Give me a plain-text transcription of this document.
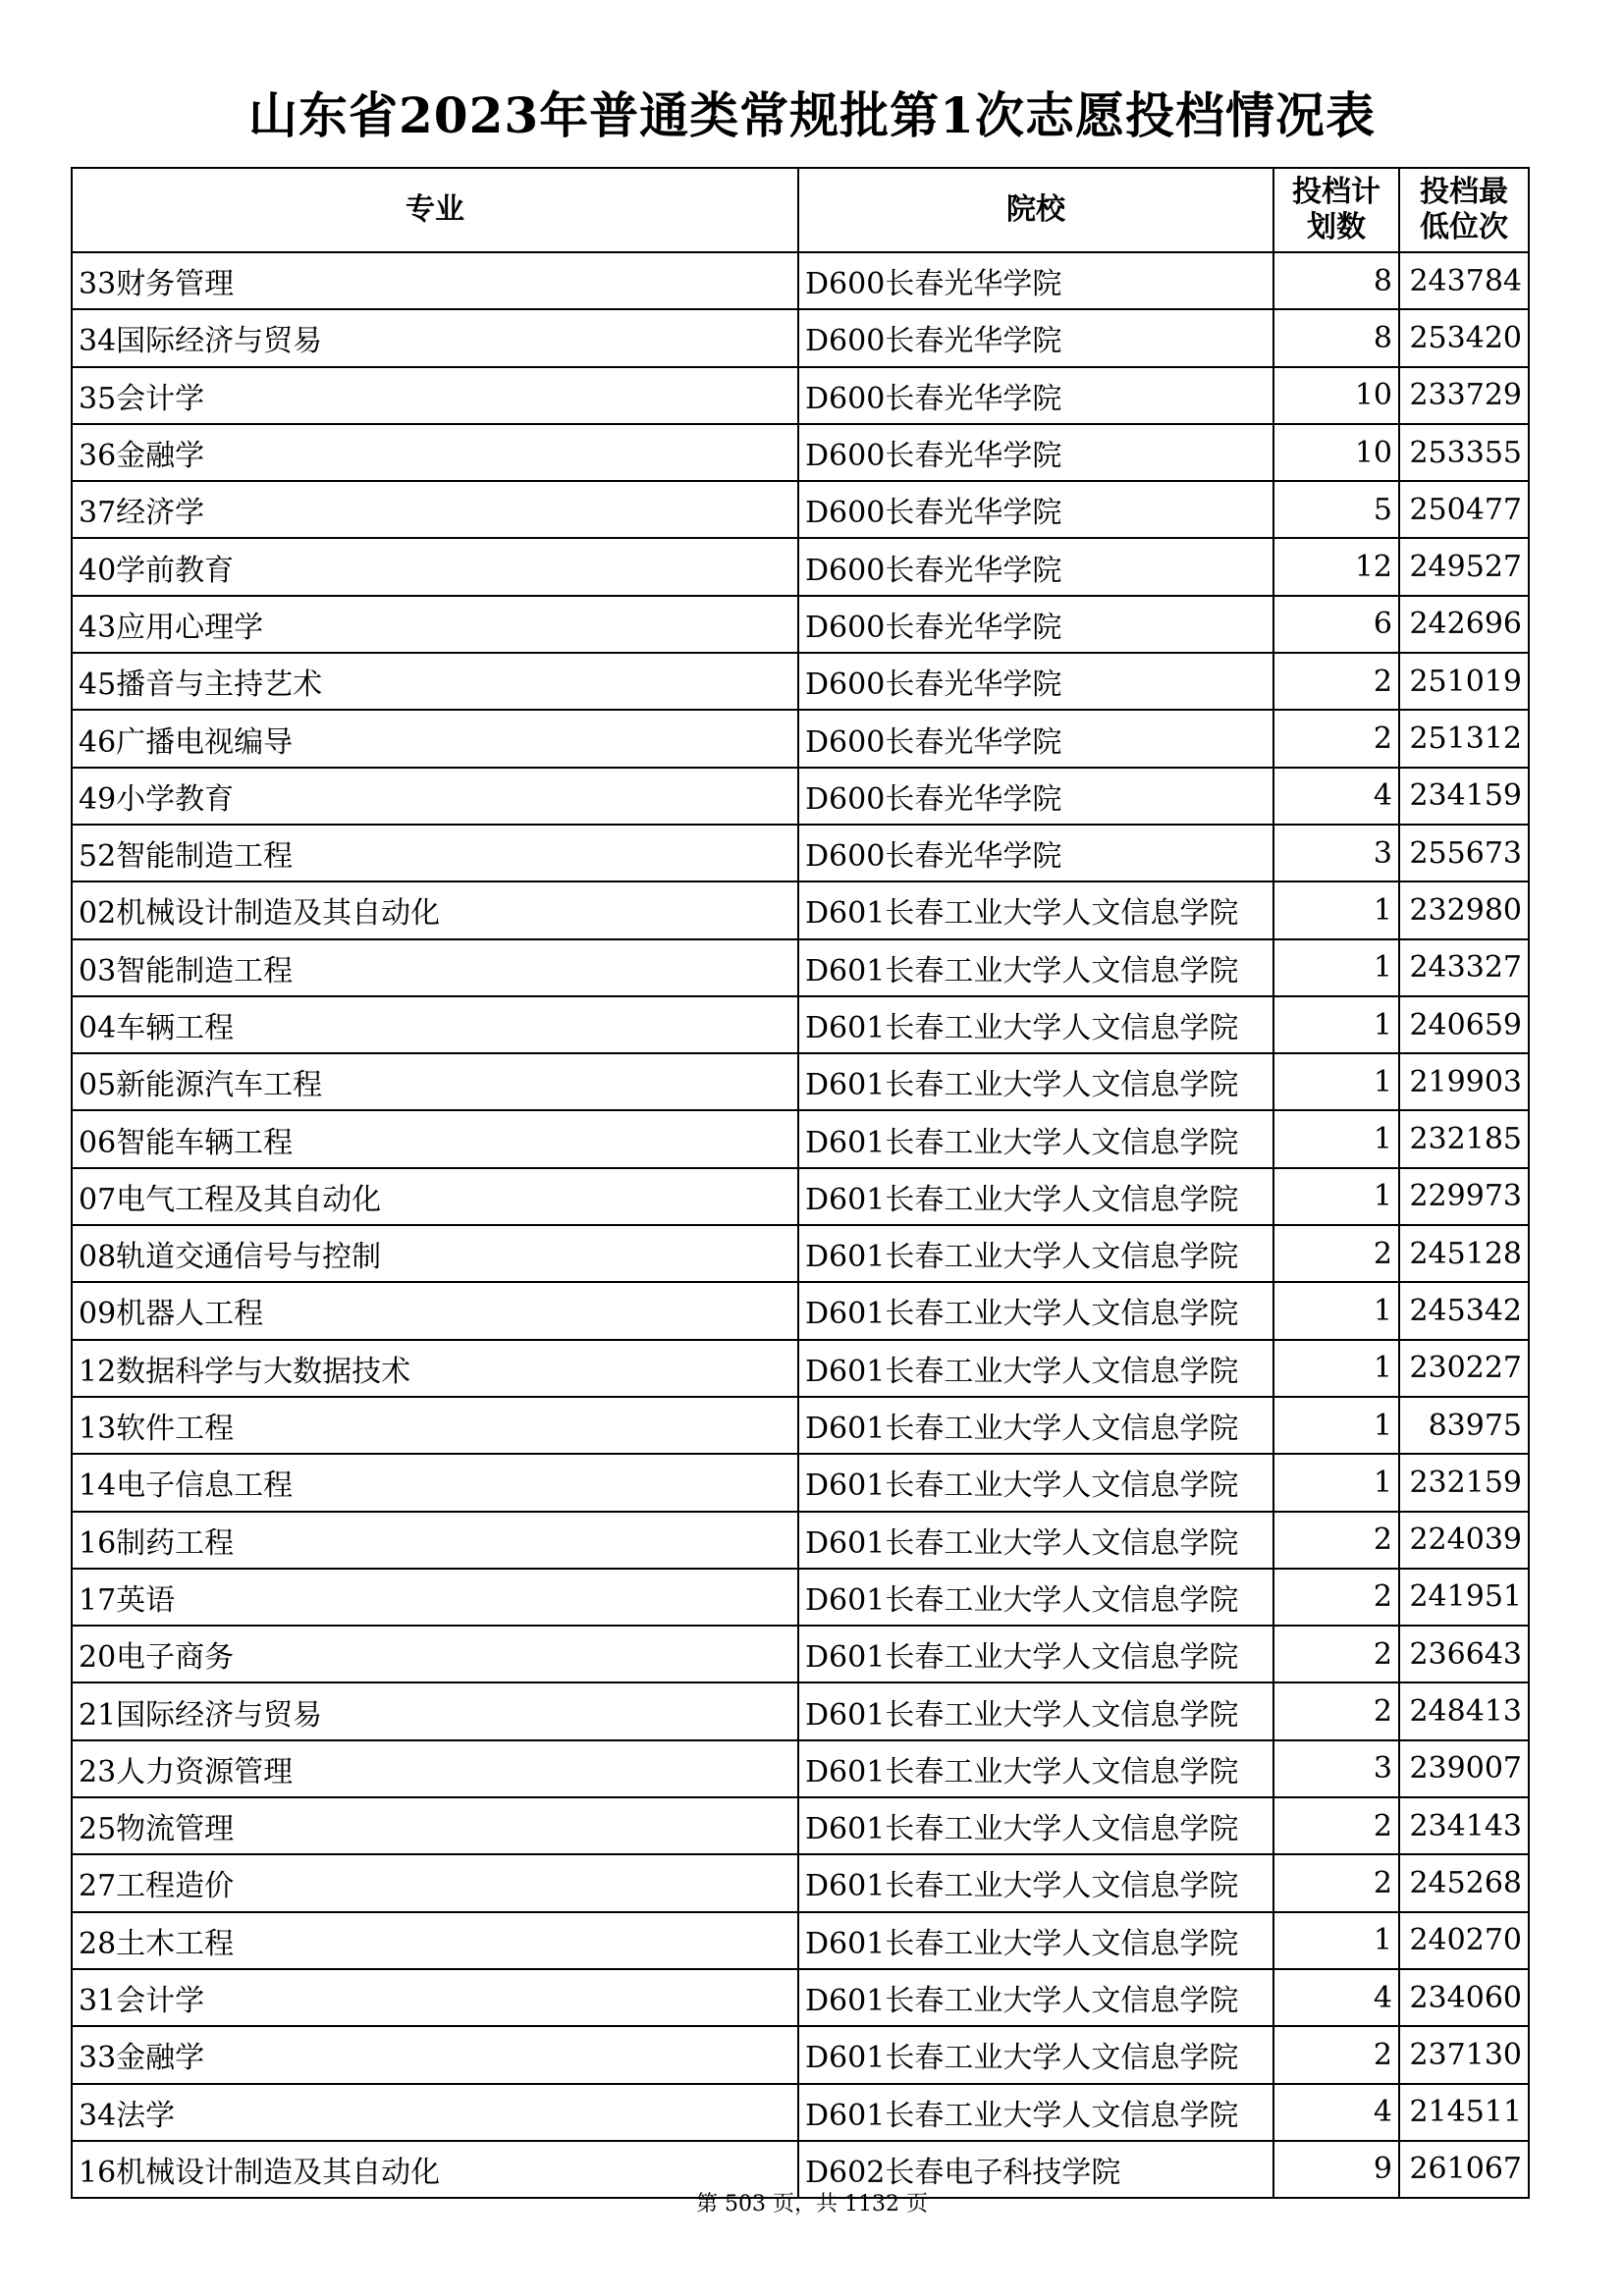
山东省2023年普通类常规批第1次志愿投档情况表
专业	院校	投档计划数	投档最低位次
33财务管理	D600长春光华学院	8	243784
34国际经济与贸易	D600长春光华学院	8	253420
35会计学	D600长春光华学院	10	233729
36金融学	D600长春光华学院	10	253355
37经济学	D600长春光华学院	5	250477
40学前教育	D600长春光华学院	12	249527
43应用心理学	D600长春光华学院	6	242696
45播音与主持艺术	D600长春光华学院	2	251019
46广播电视编导	D600长春光华学院	2	251312
49小学教育	D600长春光华学院	4	234159
52智能制造工程	D600长春光华学院	3	255673
02机械设计制造及其自动化	D601长春工业大学人文信息学院	1	232980
03智能制造工程	D601长春工业大学人文信息学院	1	243327
04车辆工程	D601长春工业大学人文信息学院	1	240659
05新能源汽车工程	D601长春工业大学人文信息学院	1	219903
06智能车辆工程	D601长春工业大学人文信息学院	1	232185
07电气工程及其自动化	D601长春工业大学人文信息学院	1	229973
08轨道交通信号与控制	D601长春工业大学人文信息学院	2	245128
09机器人工程	D601长春工业大学人文信息学院	1	245342
12数据科学与大数据技术	D601长春工业大学人文信息学院	1	230227
13软件工程	D601长春工业大学人文信息学院	1	83975
14电子信息工程	D601长春工业大学人文信息学院	1	232159
16制药工程	D601长春工业大学人文信息学院	2	224039
17英语	D601长春工业大学人文信息学院	2	241951
20电子商务	D601长春工业大学人文信息学院	2	236643
21国际经济与贸易	D601长春工业大学人文信息学院	2	248413
23人力资源管理	D601长春工业大学人文信息学院	3	239007
25物流管理	D601长春工业大学人文信息学院	2	234143
27工程造价	D601长春工业大学人文信息学院	2	245268
28土木工程	D601长春工业大学人文信息学院	1	240270
31会计学	D601长春工业大学人文信息学院	4	234060
33金融学	D601长春工业大学人文信息学院	2	237130
34法学	D601长春工业大学人文信息学院	4	214511
16机械设计制造及其自动化	D602长春电子科技学院	9	261067
第 503 页，共 1132 页
